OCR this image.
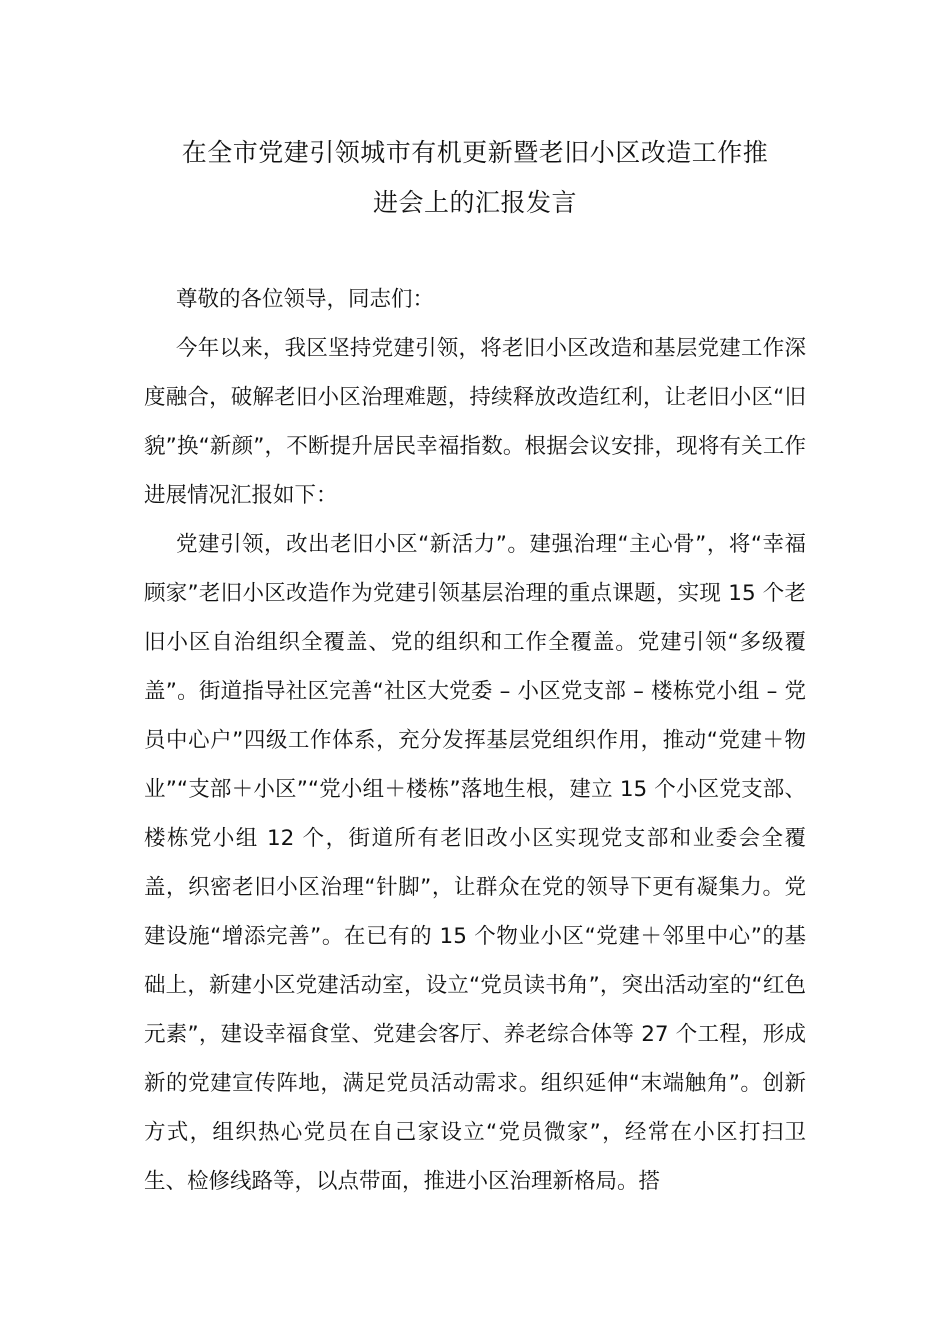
在全市党建引领城市有机更新暨老旧小区改造工作推
进会上的汇报发言

尊敬的各位领导，同志们：

今年以来，我区坚持党建引领，将老旧小区改造和基层党建工作深度融合，破解老旧小区治理难题，持续释放改造红利，让老旧小区“旧貌”换“新颜”，不断提升居民幸福指数。根据会议安排，现将有关工作进展情况汇报如下：

党建引领，改出老旧小区“新活力”。建强治理“主心骨”，将“幸福顾家”老旧小区改造作为党建引领基层治理的重点课题，实现 15 个老旧小区自治组织全覆盖、党的组织和工作全覆盖。党建引领“多级覆盖”。街道指导社区完善“社区大党委 – 小区党支部 – 楼栋党小组 – 党员中心户”四级工作体系，充分发挥基层党组织作用，推动“党建＋物业”“支部＋小区”“党小组＋楼栋”落地生根，建立 15 个小区党支部、楼栋党小组 12 个，街道所有老旧改小区实现党支部和业委会全覆盖，织密老旧小区治理“针脚”，让群众在党的领导下更有凝集力。党建设施“增添完善”。在已有的 15 个物业小区“党建＋邻里中心”的基础上，新建小区党建活动室，设立“党员读书角”，突出活动室的“红色元素”，建设幸福食堂、党建会客厅、养老综合体等 27 个工程，形成新的党建宣传阵地，满足党员活动需求。组织延伸“末端触角”。创新方式，组织热心党员在自己家设立“党员微家”，经常在小区打扫卫生、检修线路等，以点带面，推进小区治理新格局。搭
